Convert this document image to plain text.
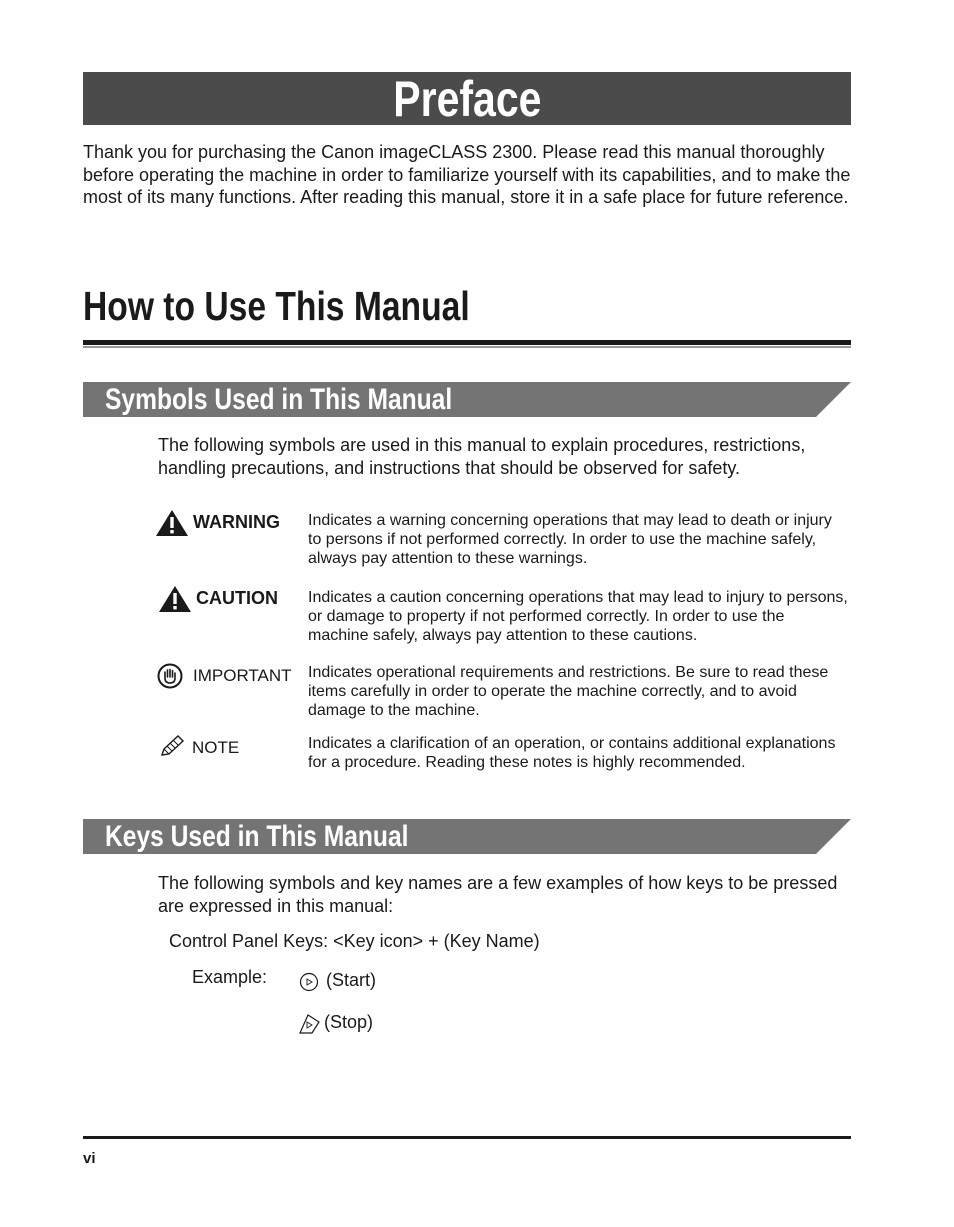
Preface

Thank you for purchasing the Canon imageCLASS 2300. Please read this manual thoroughly before operating the machine in order to familiarize yourself with its capabilities, and to make the most of its many functions. After reading this manual, store it in a safe place for future reference.

How to Use This Manual
Symbols Used in This Manual

The following symbols are used in this manual to explain procedures, restrictions, handling precautions, and instructions that should be observed for safety.

WARNING Indicates a warning concerning operations that may lead to death or injury to persons if not performed correctly. In order to use the machine safely, always pay attention to these warnings.

CAUTION Indicates a caution concerning operations that may lead to injury to persons, or damage to property if not performed correctly. In order to use the machine safely, always pay attention to these cautions.

IMPORTANT Indicates operational requirements and restrictions. Be sure to read these items carefully in order to operate the machine correctly, and to avoid damage to the machine.

NOTE	Indicates a clarification of an operation, or contains additional explanations for a procedure. Reading these notes is highly recommended.

Keys Used in This Manual

The following symbols and key names are a few examples of how keys to be pressed are expressed in this manual:

Control Panel Keys: <Key icon> + (Key Name)

Example:	(Start)
(Stop)
vi
